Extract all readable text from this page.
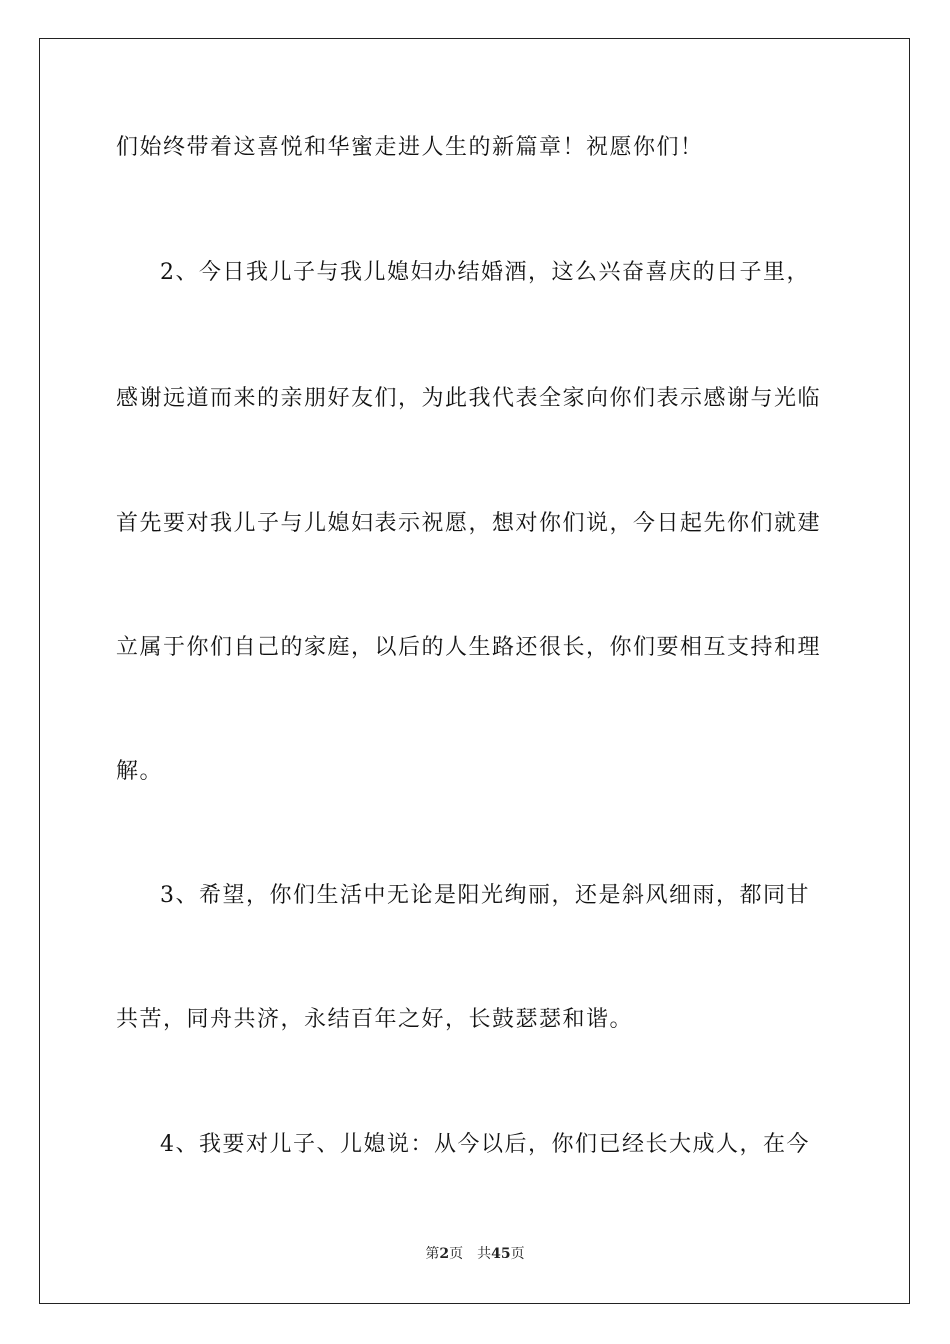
们始终带着这喜悦和华蜜走进人生的新篇章！祝愿你们！
2、今日我儿子与我儿媳妇办结婚酒，这么兴奋喜庆的日子里，
感谢远道而来的亲朋好友们，为此我代表全家向你们表示感谢与光临
首先要对我儿子与儿媳妇表示祝愿，想对你们说，今日起先你们就建
立属于你们自己的家庭，以后的人生路还很长，你们要相互支持和理
解。
3、希望，你们生活中无论是阳光绚丽，还是斜风细雨，都同甘
共苦，同舟共济，永结百年之好，长鼓瑟瑟和谐。
4、我要对儿子、儿媳说：从今以后，你们已经长大成人，在今
第2页 共45页
